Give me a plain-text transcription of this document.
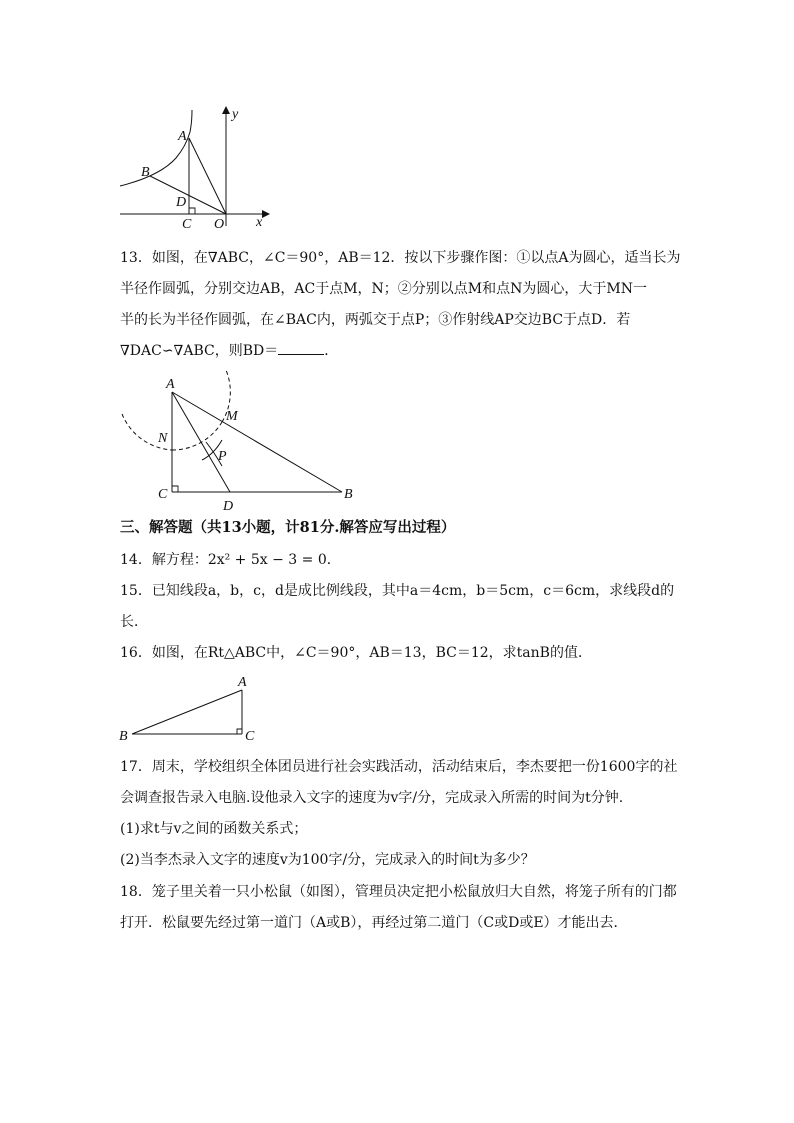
A
B
D
C O
y
x
13．如图，在∇ABC，∠C＝90°，AB＝12．按以下步骤作图：①以点A为圆心，适当长为
半径作圆弧，分别交边AB，AC于点M，N；②分别以点M和点N为圆心，大于MN一
半的长为半径作圆弧，在∠BAC内，两弧交于点P；③作射线AP交边BC于点D．若
∇DAC∽∇ABC，则BD＝	．
A
M
N
P
C
D
B
三、解答题（共13小题，计81分.解答应写出过程）
14．解方程：2x² + 5x − 3 = 0．
15．已知线段a，b，c，d是成比例线段，其中a＝4cm，b＝5cm，c＝6cm，求线段d的
长．
16．如图，在Rt△ABC中，∠C＝90°，AB＝13，BC＝12，求tanB的值．
A
B	C
17．周末，学校组织全体团员进行社会实践活动，活动结束后，李杰要把一份1600字的社
会调查报告录入电脑.设他录入文字的速度为v字/分，完成录入所需的时间为t分钟.
(1)求t与v之间的函数关系式；
(2)当李杰录入文字的速度v为100字/分，完成录入的时间t为多少？
18．笼子里关着一只小松鼠（如图），管理员决定把小松鼠放归大自然，将笼子所有的门都
打开．松鼠要先经过第一道门（A或B），再经过第二道门（C或D或E）才能出去．
